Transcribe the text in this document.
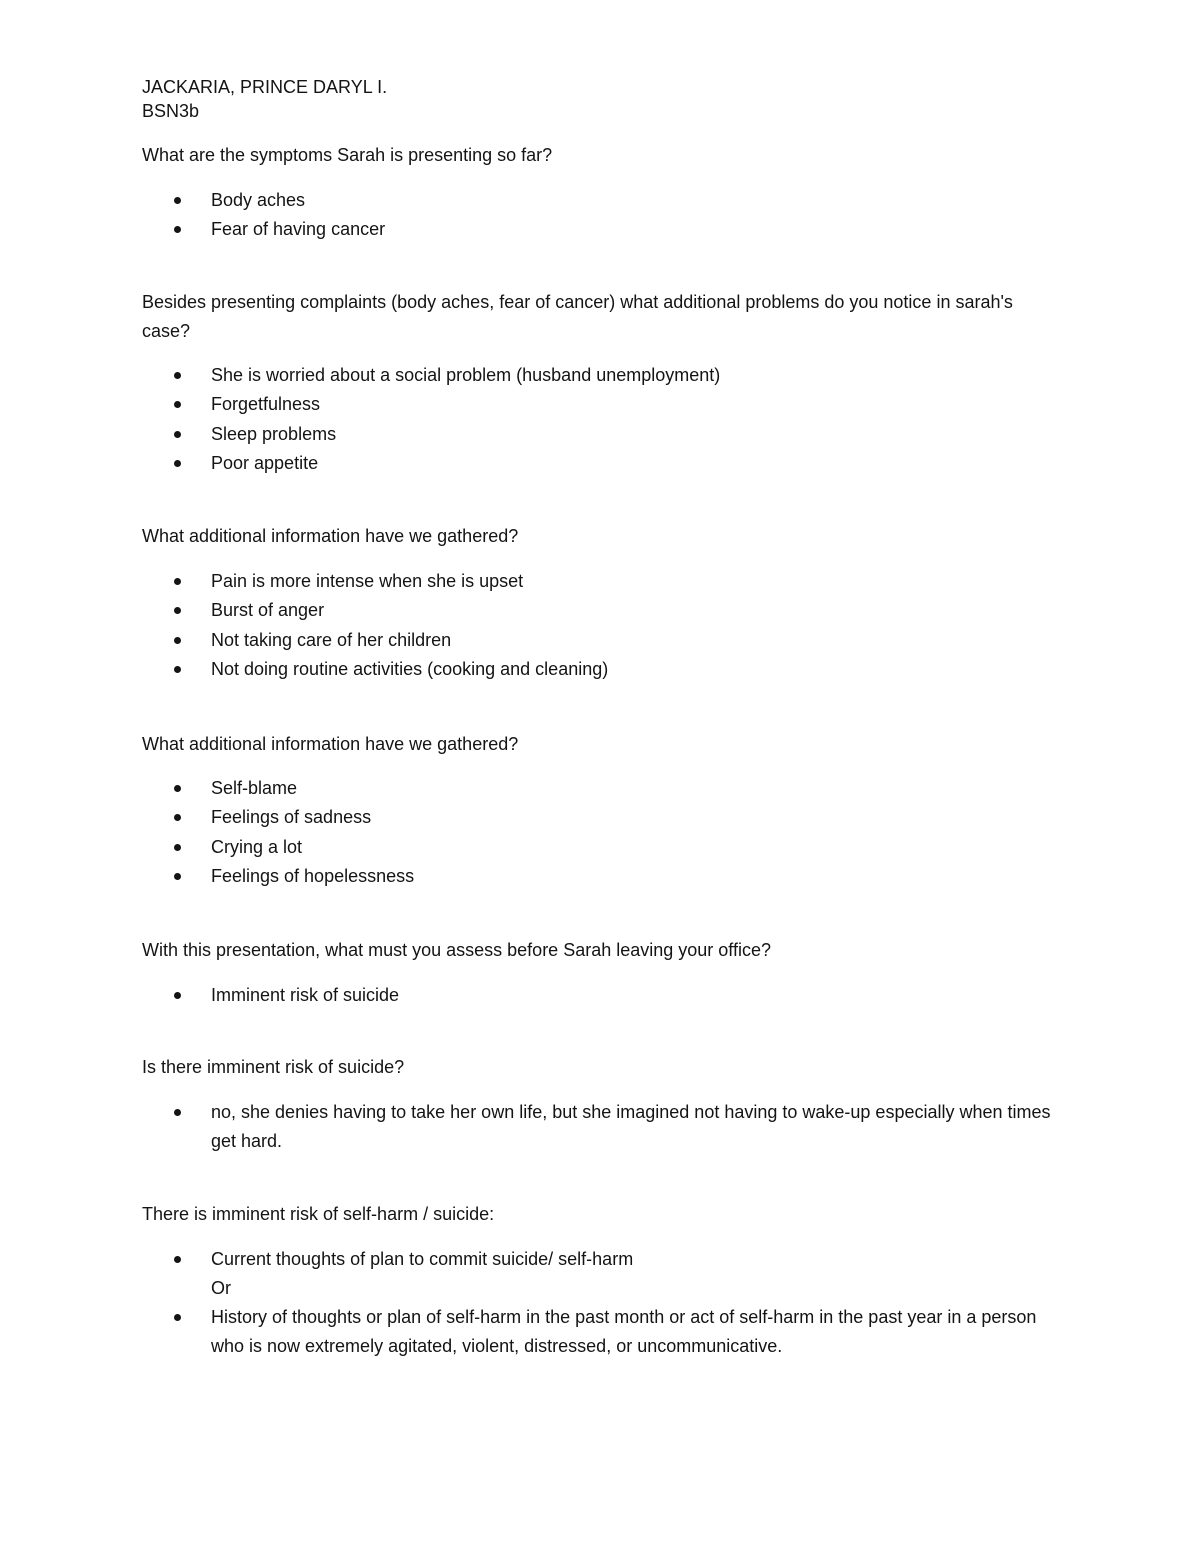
JACKARIA, PRINCE DARYL I.
BSN3b
What are the symptoms Sarah is presenting so far?
Body aches
Fear of having cancer
Besides presenting complaints (body aches, fear of cancer) what additional problems do you notice in sarah's case?
She is worried about a social problem (husband unemployment)
Forgetfulness
Sleep problems
Poor appetite
What additional information have we gathered?
Pain is more intense when she is upset
Burst of anger
Not taking care of her children
Not doing routine activities (cooking and cleaning)
What additional information have we gathered?
Self-blame
Feelings of sadness
Crying a lot
Feelings of hopelessness
With this presentation, what must you assess before Sarah leaving your office?
Imminent risk of suicide
Is there imminent risk of suicide?
no, she denies having to take her own life, but she imagined not having to wake-up especially when times get hard.
There is imminent risk of self-harm / suicide:
Current thoughts of plan to commit suicide/ self-harm
Or
History of thoughts or plan of self-harm in the past month or act of self-harm in the past year in a person who is now extremely agitated, violent, distressed, or uncommunicative.
